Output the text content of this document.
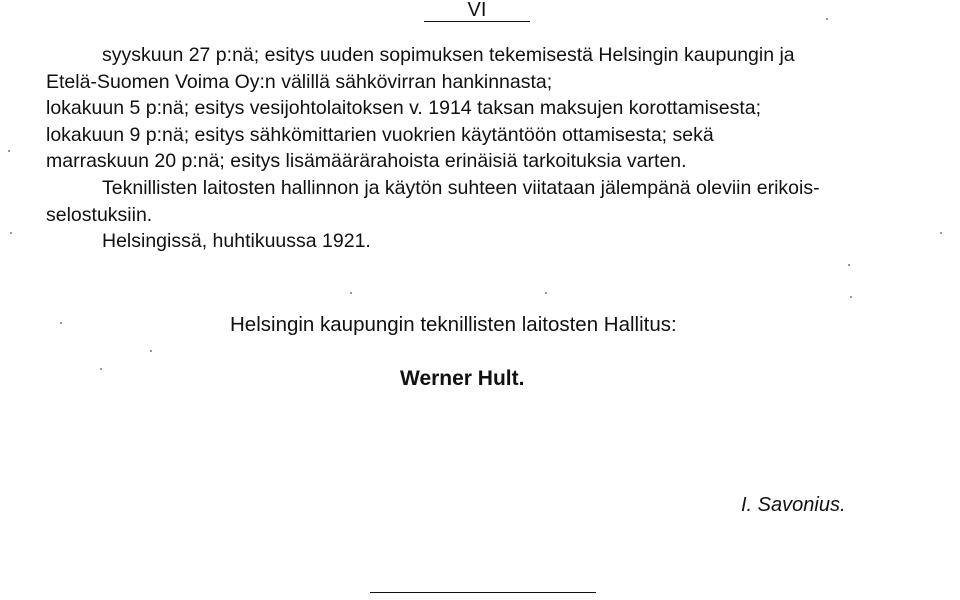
VI
syyskuun 27 p:nä; esitys uuden sopimuksen tekemisestä Helsingin kaupungin ja
Etelä-Suomen Voima Oy:n välillä sähkövirran hankinnasta;
lokakuun 5 p:nä; esitys vesijohtolaitoksen v. 1914 taksan maksujen korottamisesta;
lokakuun 9 p:nä; esitys sähkömittarien vuokrien käytäntöön ottamisesta; sekä
marraskuun 20 p:nä; esitys lisämäärärahoista erinäisiä tarkoituksia varten.
Teknillisten laitosten hallinnon ja käytön suhteen viitataan jälempänä oleviin erikois-
selostuksiin.
Helsingissä, huhtikuussa 1921.
Helsingin kaupungin teknillisten laitosten Hallitus:
Werner Hult.
I. Savonius.
